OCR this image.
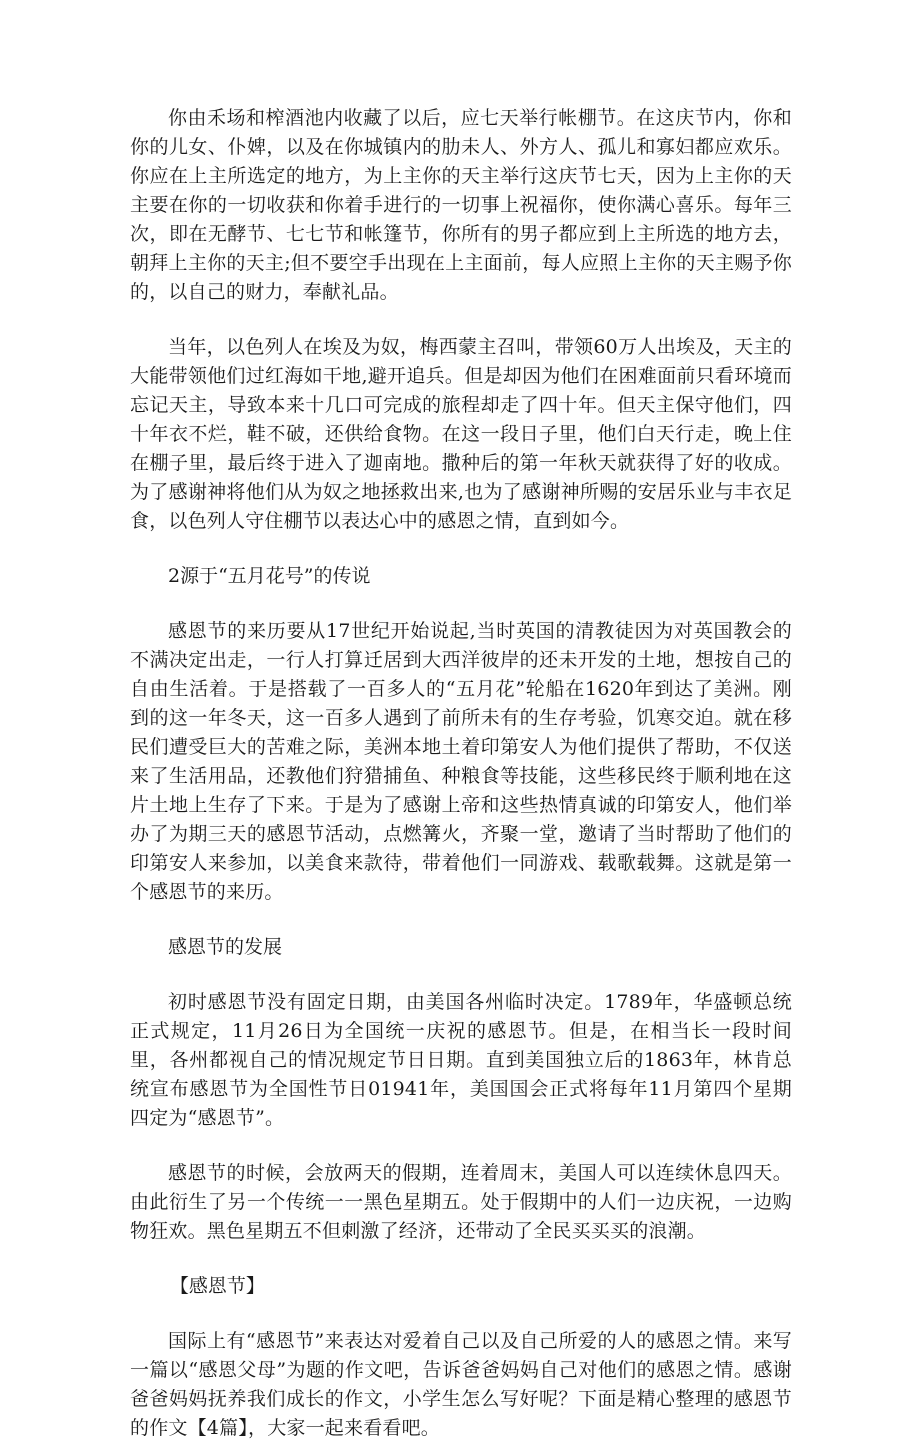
你由禾场和榨酒池内收藏了以后，应七天举行帐棚节。在这庆节内，你和你的儿女、仆婢，以及在你城镇内的肋未人、外方人、孤儿和寡妇都应欢乐。你应在上主所选定的地方，为上主你的天主举行这庆节七天，因为上主你的天主要在你的一切收获和你着手进行的一切事上祝福你，使你满心喜乐。每年三次，即在无酵节、七七节和帐篷节，你所有的男子都应到上主所选的地方去，朝拜上主你的天主;但不要空手出现在上主面前，每人应照上主你的天主赐予你的，以自己的财力，奉献礼品。

当年，以色列人在埃及为奴，梅西蒙主召叫，带领60万人出埃及，天主的大能带领他们过红海如干地,避开追兵。但是却因为他们在困难面前只看环境而忘记天主，导致本来十几口可完成的旅程却走了四十年。但天主保守他们，四十年衣不烂，鞋不破，还供给食物。在这一段日子里，他们白天行走，晚上住在棚子里，最后终于进入了迦南地。撒种后的第一年秋天就获得了好的收成。为了感谢神将他们从为奴之地拯救出来,也为了感谢神所赐的安居乐业与丰衣足食，以色列人守住棚节以表达心中的感恩之情，直到如今。

2源于“五月花号”的传说

感恩节的来历要从17世纪开始说起,当时英国的清教徒因为对英国教会的不满决定出走，一行人打算迁居到大西洋彼岸的还未开发的土地，想按自己的自由生活着。于是搭载了一百多人的“五月花”轮船在1620年到达了美洲。刚到的这一年冬天，这一百多人遇到了前所未有的生存考验，饥寒交迫。就在移民们遭受巨大的苦难之际，美洲本地土着印第安人为他们提供了帮助，不仅送来了生活用品，还教他们狩猎捕鱼、种粮食等技能，这些移民终于顺利地在这片土地上生存了下来。于是为了感谢上帝和这些热情真诚的印第安人，他们举办了为期三天的感恩节活动，点燃篝火，齐聚一堂，邀请了当时帮助了他们的印第安人来参加，以美食来款待，带着他们一同游戏、载歌载舞。这就是第一个感恩节的来历。

感恩节的发展

初时感恩节没有固定日期，由美国各州临时决定。1789年，华盛顿总统正式规定，11月26日为全国统一庆祝的感恩节。但是，在相当长一段时间里，各州都视自己的情况规定节日日期。直到美国独立后的1863年，林肯总统宣布感恩节为全国性节日01941年，美国国会正式将每年11月第四个星期四定为“感恩节”。

感恩节的时候，会放两天的假期，连着周末，美国人可以连续休息四天。由此衍生了另一个传统一一黑色星期五。处于假期中的人们一边庆祝，一边购物狂欢。黑色星期五不但刺激了经济，还带动了全民买买买的浪潮。

【感恩节】

国际上有“感恩节”来表达对爱着自己以及自己所爱的人的感恩之情。来写一篇以“感恩父母”为题的作文吧，告诉爸爸妈妈自己对他们的感恩之情。感谢爸爸妈妈抚养我们成长的作文，小学生怎么写好呢？下面是精心整理的感恩节的作文【4篇】，大家一起来看看吧。
